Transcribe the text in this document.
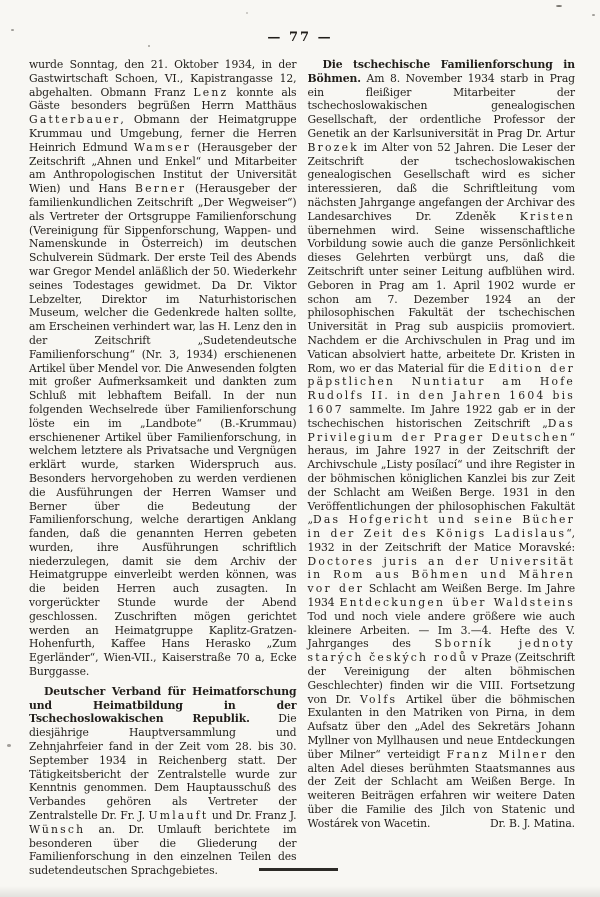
— 77 —

wurde Sonntag, den 21. Oktober 1934, in der Gastwirtschaft Schoen, VI., Kapistrangasse 12, abgehalten. Obmann Franz Lenz konnte als Gäste besonders begrüßen Herrn Matthäus Gatterbauer, Obmann der Heimatgruppe Krummau und Umgebung, ferner die Herren Heinrich Edmund Wamser (Herausgeber der Zeitschrift „Ahnen und Enkel“ und Mitarbeiter am Anthropologischen Institut der Universität Wien) und Hans Berner (Herausgeber der familienkundlichen Zeitschrift „Der Wegweiser“) als Vertreter der Ortsgruppe Familienforschung (Vereinigung für Sippenforschung, Wappen- und Namenskunde in Österreich) im deutschen Schulverein Südmark. Der erste Teil des Abends war Gregor Mendel anläßlich der 50. Wiederkehr seines Todestages gewidmet. Da Dr. Viktor Lebzelter, Direktor im Naturhistorischen Museum, welcher die Gedenkrede halten sollte, am Erscheinen verhindert war, las H. Lenz den in der Zeitschrift „Sudetendeutsche Familienforschung“ (Nr. 3, 1934) erschienenen Artikel über Mendel vor. Die Anwesenden folgten mit großer Aufmerksamkeit und dankten zum Schluß mit lebhaftem Beifall. In der nun folgenden Wechselrede über Familienforschung löste ein im „Landbote“ (B.-Krummau) erschienener Artikel über Familienforschung, in welchem letztere als Privatsache und Vergnügen erklärt wurde, starken Widerspruch aus. Besonders hervorgehoben zu werden verdienen die Ausführungen der Herren Wamser und Berner über die Bedeutung der Familienforschung, welche derartigen Anklang fanden, daß die genannten Herren gebeten wurden, ihre Ausführungen schriftlich niederzulegen, damit sie dem Archiv der Heimatgruppe einverleibt werden können, was die beiden Herren auch zusagten. In vorgerückter Stunde wurde der Abend geschlossen. Zuschriften mögen gerichtet werden an Heimatgruppe Kaplitz-Gratzen-Hohenfurth, Kaffee Hans Herasko „Zum Egerländer“, Wien-VII., Kaiserstraße 70 a, Ecke Burggasse.

Deutscher Verband für Heimatforschung und Heimatbildung in der Tschechoslowakischen Republik. Die diesjährige Hauptversammlung und Zehnjahrfeier fand in der Zeit vom 28. bis 30. September 1934 in Reichenberg statt. Der Tätigkeitsbericht der Zentralstelle wurde zur Kenntnis genommen. Dem Hauptausschuß des Verbandes gehören als Vertreter der Zentralstelle Dr. Fr. J. Umlauft und Dr. Franz J. Wünsch an. Dr. Umlauft berichtete im besonderen über die Gliederung der Familienforschung in den einzelnen Teilen des sudetendeutschen Sprachgebietes.

Die tschechische Familienforschung in Böhmen. Am 8. November 1934 starb in Prag ein fleißiger Mitarbeiter der tschechoslowakischen genealogischen Gesellschaft, der ordentliche Professor der Genetik an der Karlsuniversität in Prag Dr. Artur Brozek im Alter von 52 Jahren. Die Leser der Zeitschrift der tschechoslowakischen genealogischen Gesellschaft wird es sicher interessieren, daß die Schriftleitung vom nächsten Jahrgange angefangen der Archivar des Landesarchives Dr. Zdeněk Kristen übernehmen wird. Seine wissenschaftliche Vorbildung sowie auch die ganze Persönlichkeit dieses Gelehrten verbürgt uns, daß die Zeitschrift unter seiner Leitung aufblühen wird. Geboren in Prag am 1. April 1902 wurde er schon am 7. Dezember 1924 an der philosophischen Fakultät der tschechischen Universität in Prag sub auspiciis promoviert. Nachdem er die Archivschulen in Prag und im Vatican absolviert hatte, arbeitete Dr. Kristen in Rom, wo er das Material für die Edition der päpstlichen Nuntiatur am Hofe Rudolfs II. in den Jahren 1604 bis 1607 sammelte. Im Jahre 1922 gab er in der tschechischen historischen Zeitschrift „Das Privilegium der Prager Deutschen“ heraus, im Jahre 1927 in der Zeitschrift der Archivschule „Listy posílací“ und ihre Register in der böhmischen königlichen Kanzlei bis zur Zeit der Schlacht am Weißen Berge. 1931 in den Veröffentlichungen der philosophischen Fakultät „Das Hofgericht und seine Bücher in der Zeit des Königs Ladislaus“, 1932 in der Zeitschrift der Matice Moravské: Doctores juris an der Universität in Rom aus Böhmen und Mähren vor der Schlacht am Weißen Berge. Im Jahre 1934 Entdeckungen über Waldsteins Tod und noch viele andere größere wie auch kleinere Arbeiten. — Im 3.—4. Hefte des V. Jahrganges des Sborník jednoty starých českých rodů v Praze (Zeitschrift der Vereinigung der alten böhmischen Geschlechter) finden wir die VIII. Fortsetzung von Dr. Volfs Artikel über die böhmischen Exulanten in den Matriken von Pirna, in dem Aufsatz über den „Adel des Sekretärs Johann Myllner von Myllhausen und neue Entdeckungen über Milner“ verteidigt Franz Milner den alten Adel dieses berühmten Staatsmannes aus der Zeit der Schlacht am Weißen Berge. In weiteren Beiträgen erfahren wir weitere Daten über die Familie des Jilch von Statenic und Wostárek von Wacetin.	Dr. B. J. Matina.
